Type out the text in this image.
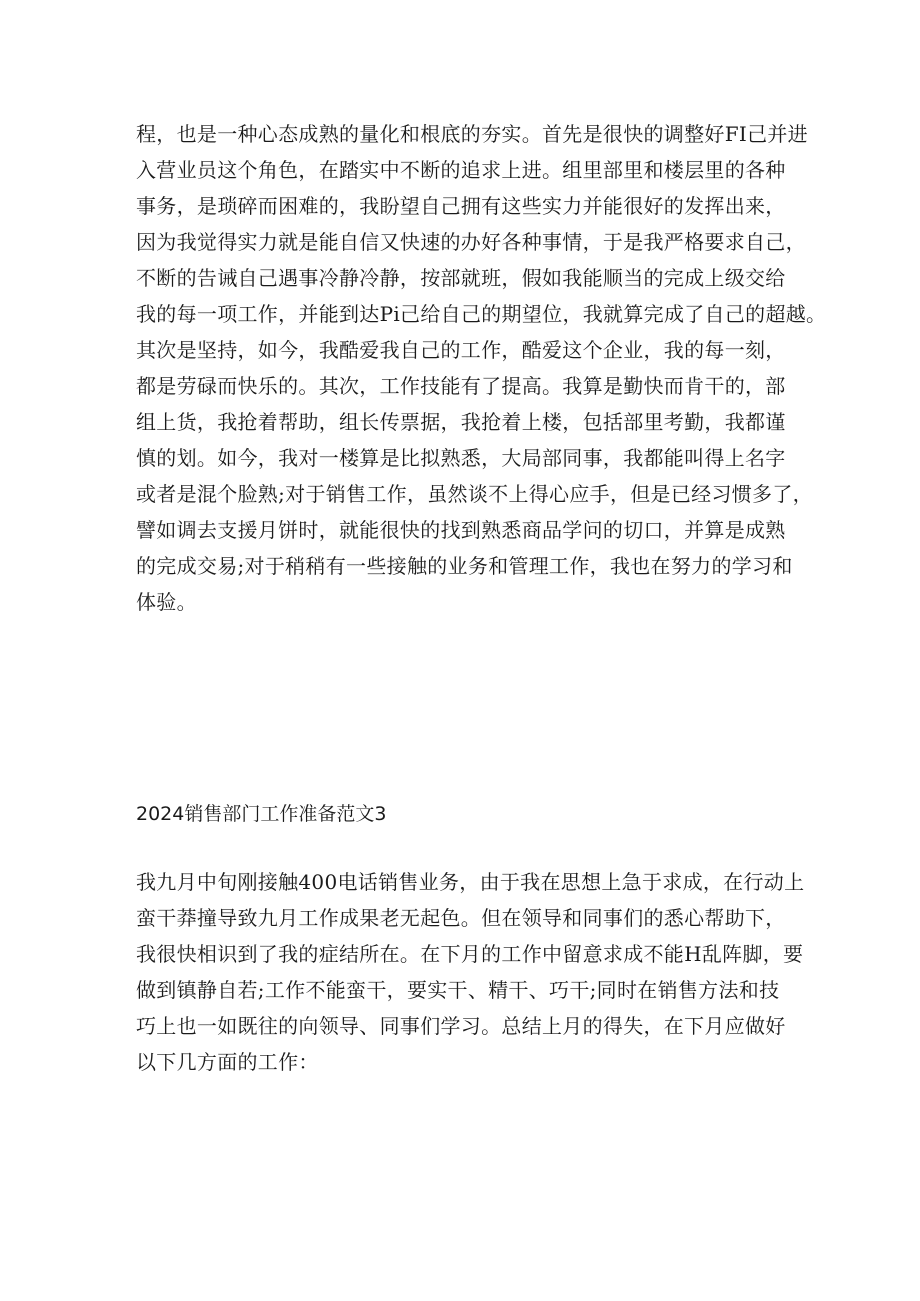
程，也是一种心态成熟的量化和根底的夯实。首先是很快的调整好FI己并进
入营业员这个角色，在踏实中不断的追求上进。组里部里和楼层里的各种
事务，是琐碎而困难的，我盼望自己拥有这些实力并能很好的发挥出来，
因为我觉得实力就是能自信又快速的办好各种事情，于是我严格要求自己，
不断的告诫自己遇事冷静冷静，按部就班，假如我能顺当的完成上级交给
我的每一项工作，并能到达Pi己给自己的期望位，我就算完成了自己的超越。
其次是坚持，如今，我酷爱我自己的工作，酷爱这个企业，我的每一刻，
都是劳碌而快乐的。其次，工作技能有了提高。我算是勤快而肯干的，部
组上货，我抢着帮助，组长传票据，我抢着上楼，包括部里考勤，我都谨
慎的划。如今，我对一楼算是比拟熟悉，大局部同事，我都能叫得上名字
或者是混个脸熟;对于销售工作，虽然谈不上得心应手，但是已经习惯多了，
譬如调去支援月饼时，就能很快的找到熟悉商品学问的切口，并算是成熟
的完成交易;对于稍稍有一些接触的业务和管理工作，我也在努力的学习和
体验。
2024销售部门工作准备范文3
我九月中旬刚接触400电话销售业务，由于我在思想上急于求成，在行动上
蛮干莽撞导致九月工作成果老无起色。但在领导和同事们的悉心帮助下，
我很快相识到了我的症结所在。在下月的工作中留意求成不能H乱阵脚，要
做到镇静自若;工作不能蛮干，要实干、精干、巧干;同时在销售方法和技
巧上也一如既往的向领导、同事们学习。总结上月的得失，在下月应做好
以下几方面的工作：
